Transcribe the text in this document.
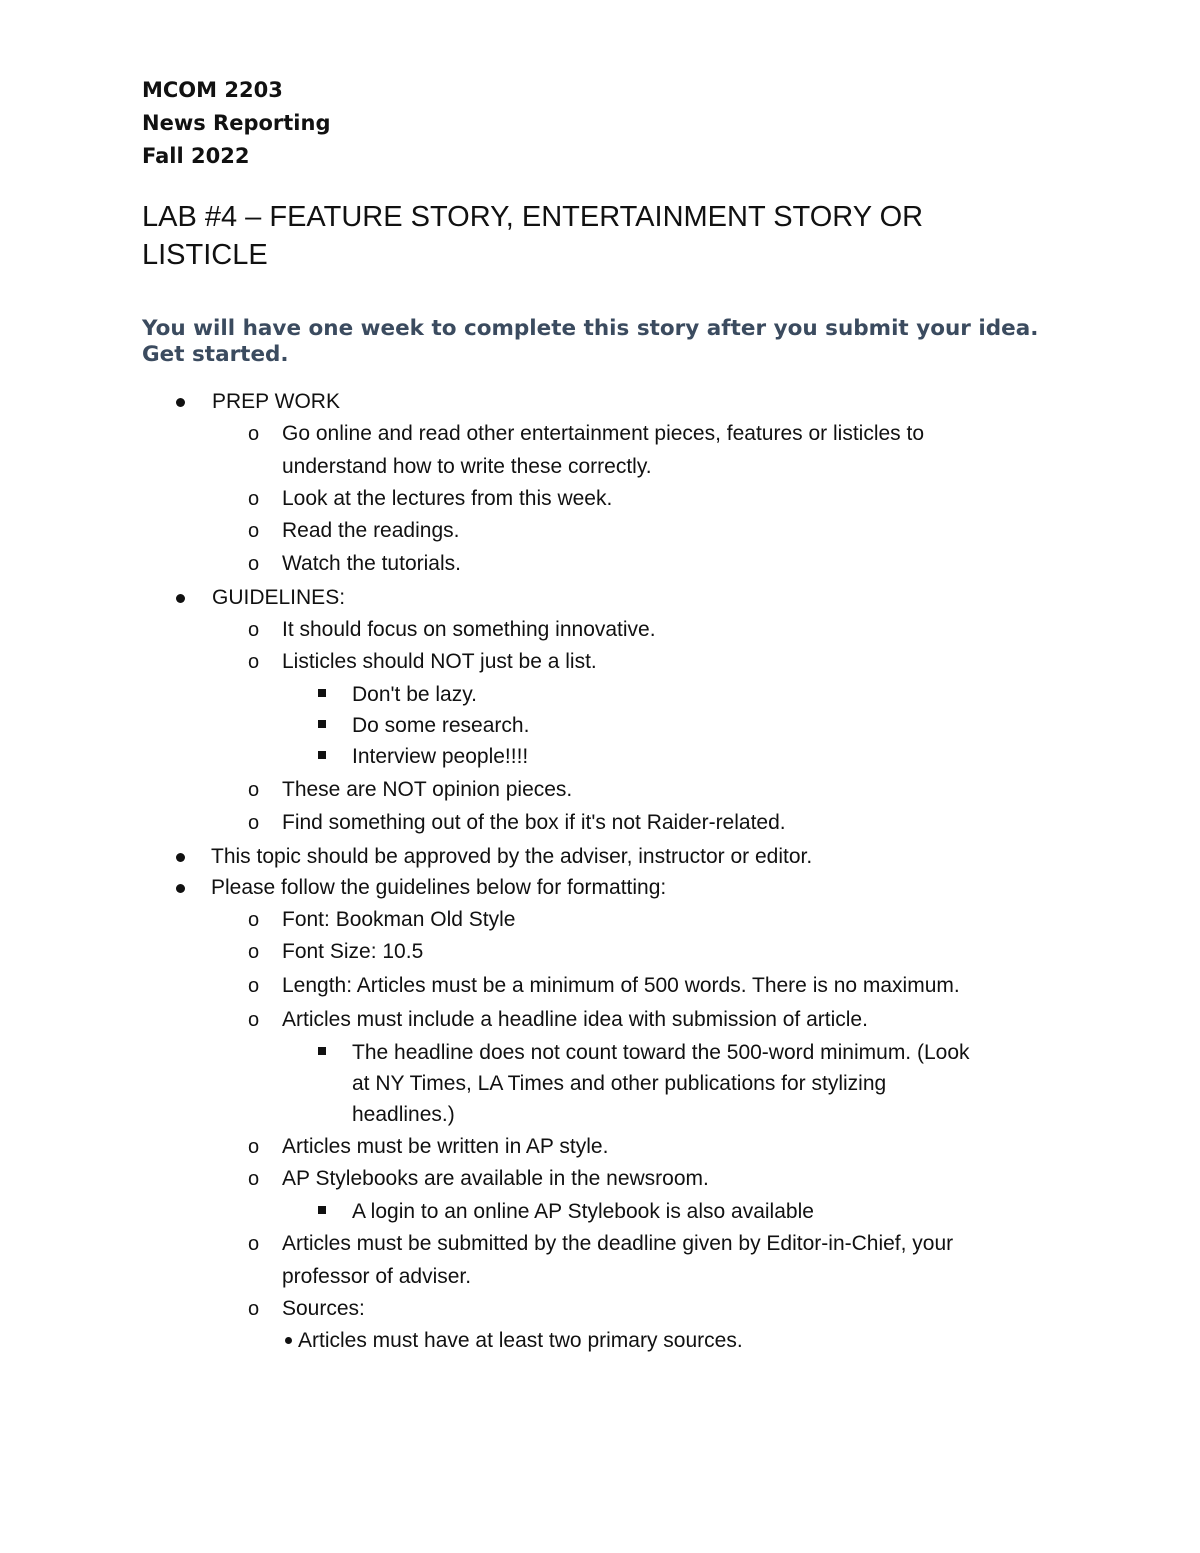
MCOM 2203
News Reporting
Fall 2022
LAB #4 – FEATURE STORY, ENTERTAINMENT STORY OR LISTICLE
You will have one week to complete this story after you submit your idea. Get started.
PREP WORK
o Go online and read other entertainment pieces, features or listicles to
understand how to write these correctly.
o Look at the lectures from this week.
o Read the readings.
o Watch the tutorials.
GUIDELINES:
o It should focus on something innovative.
o Listicles should NOT just be a list.
Don't be lazy.
Do some research.
Interview people!!!!
o These are NOT opinion pieces.
o Find something out of the box if it's not Raider-related.
This topic should be approved by the adviser, instructor or editor.
Please follow the guidelines below for formatting:
o Font: Bookman Old Style
o Font Size: 10.5
o Length: Articles must be a minimum of 500 words. There is no maximum.
o Articles must include a headline idea with submission of article.
The headline does not count toward the 500-word minimum. (Look
at NY Times, LA Times and other publications for stylizing
headlines.)
o Articles must be written in AP style.
o AP Stylebooks are available in the newsroom.
A login to an online AP Stylebook is also available
o Articles must be submitted by the deadline given by Editor-in-Chief, your
professor of adviser.
o Sources:
Articles must have at least two primary sources.
